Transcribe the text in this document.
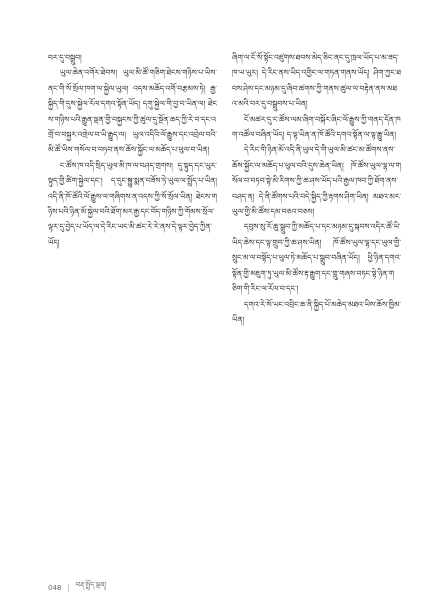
བར་དུ་བསྒྲུབ།

ཡུལ་ཆེན་འགོར་ཐེབས། ཡུལ་མི་ཚོ་གཅིག་ཐེངས་གཉིས་པ་ཡིས་ནང་གི་སོ་སྲོལ་ཁག་ལ་སྐྱེལ་ཡུལ། འདས་མཆོད་འགོ་བརྩམས་ཏེ། རྒྱ་སྐྱིད་གི་དུས་སྐྱེལ་རོལ་དགའ་སྟོན་ཡོད། དགུ་སྐྱེལ་གི་བྱ་བ་ཡིན་ལ། ཐེངས་གཉིས་པའི་རྒྱུན་ལྡན་གྱི་བསྐྱངས་ཀྱི་ཚུལ་དུ་སྔོན་ཆད་ཀྱི་རེ་བ་དང་འགྲོ་བ་བསྐྱར་འགྲེལ་བ་ཡི་རྒྱུད་ལ། ཡུལ་འདིའི་ལོ་རྒྱུས་དང་འབྲེལ་བའི་མི་ཚོ་ཡིས་གསོལ་བ་བཏབ་ནས་ཆོས་སྐྱོང་ལ་མཆོད་པ་ཕུལ་བ་ཡིན།

ང་ཚོས་ཁ་འདི་སྲིད་ཡུལ་མི་ཁ་ལ་བཤད་གྲགས། དུ་སྟུད་དང་ཡུར་སྟུད་གྱི་ཚིག་སྐྱེལ་དང་། ད་དུང་སྐྱུ་སྨན་བཟོས་ཏེ་ཡུལ་ལ་སྤྲོད་པ་ཡིན། འདི་ནི་ཁོ་ཚོའི་ལོ་རྒྱུས་ལ་གཞིགས་ན་འདས་ཀྱི་སོ་སྲོལ་ཡིན། ཐེངས་གཉིས་པའི་ཉིན་མོ་སྐྱེལ་བའི་ཐོག་མར་རྒྱ་དང་བོད་གཉིས་ཀྱི་གོམས་སྲོལ་ལྟར་དུ་བྱེད་པ་ཡོད་ལ་དེ་རིང་ཡང་མི་ཚང་རེ་རེ་ནས་དེ་ལྟར་བྱེད་ཀྱིན་ཡོད།

ཞིག་ལ་ངོ་སོ་སྟོང་འཛུགས་ཐབས་མེད་ཅིང་ནང་དུ་ཁྲལ་ཡོད་པ་མ་ཟད་ཁ་ཡ་ཡུར། དེ་རིང་ནས་ཡིད་འགྱིང་ལ་གཏན་གནས་ཡོད། ཤིག་ཀྱང་ཐབས་ཤེས་དང་མཉམ་དུ་ཞིབ་ཚགས་ཀྱི་གནས་ཚུལ་ལ་བརྟེན་ནས་མཐའ་མའི་བར་དུ་བསྒྲུབས་པ་ཡིན།

ངོ་མཚར་དུ་ང་ཚོས་ལམ་ཞིག་བསྐོར་ཞིང་ལོ་རྒྱུས་ཀྱི་གནད་དོན་ཁག་འཚོལ་བཞིན་ཡོད། ད་ལྟ་ཡིན་ན་ཁོ་ཚོའི་དགའ་སྟོན་ལ་ལྟ་རྒྱུ་ཡིན།

དེ་རིང་གི་ཉིན་མོ་འདི་ནི་ཡུལ་དེ་གི་ཡུལ་མི་ཚང་མ་ཚོགས་ནས་ཆོས་སྐྱོང་ལ་མཆོད་པ་ཕུལ་བའི་དུས་ཆེན་ཡིན། ཁོ་ཚོས་ཡུལ་ལྷ་ལ་གསོལ་བ་བཏབ་སྟེ་མི་རིགས་ཀྱི་ཆ་ཤས་ཡོད་པའི་རྒྱལ་ཁབ་ཀྱི་ཐོག་ནས་བཤད་ན། དེ་ནི་ཚོགས་པའི་བདེ་སྐྱིད་ཀྱི་རྟགས་ཤིག་ཡིན། མཐའ་མར་ཡུལ་གྱི་མི་ཚོས་དམ་བཅའ་བཅས།

དབུས་སུ་རོ་ཆུ་སྒྲུབ་ཀྱི་མཆོད་པ་དང་མཉམ་དུ་སྐབས་འདིར་ཚོ་ཡི་ཡིད་ཆེས་དང་ལྟ་གྲུབ་ཀྱི་ཆ་ཤས་ཡིན། ཁོ་ཚོས་ཡུལ་ལྷ་དང་ཡུལ་གྱི་སྲུང་མ་ལ་བསྟོད་པ་ཕུལ་ཏེ་མཆོད་པ་སྒྲུབ་བཞིན་ཡོད། ཕྱི་ཉིན་དགའ་སྟོན་གྱི་མཇུག་ཏུ་ཡུལ་མི་ཚོས་རྟ་རྒྱུག་དང་གླུ་གཞས་བཏང་སྟེ་ཉིན་གཅིག་གི་རིང་ལ་རོལ་བ་དང་།

དགའ་རེ་སོ་ཡང་འབྲིང་ཆ་ནི་སྐྱིད་པོ་མཆེད་མཐའ་ཡིས་ཆོས་ཁྱིམ་ཡིན།

048 | བརྡ་སྤྲོད་ལྡན།
